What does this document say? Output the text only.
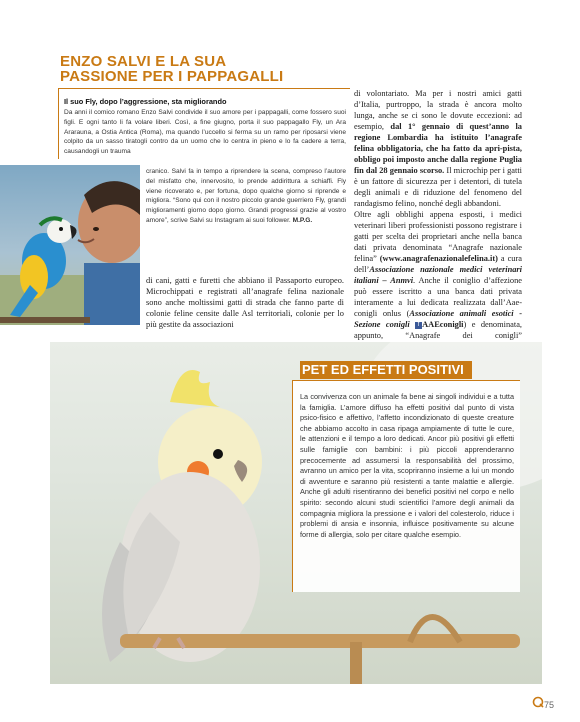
ENZO SALVI E LA SUA PASSIONE PER I PAPPAGALLI
Il suo Fly, dopo l’aggressione, sta migliorando
Da anni il comico romano Enzo Salvi condivide il suo amore per i pappagalli, come fossero suoi figli. E ogni tanto li fa volare liberi. Così, a fine giugno, porta il suo pappagallo Fly, un Ara Ararauna, a Ostia Antica (Roma), ma quando l’uccello si ferma su un ramo per riposarsi viene colpito da un sasso tiratogli contro da un uomo che lo centra in pieno e lo fa cadere a terra, causandogli un trauma
cranico. Salvi fa in tempo a riprendere la scena, compreso l’autore del misfatto che, innervosito, lo prende addirittura a schiaffi. Fly viene ricoverato e, per fortuna, dopo qualche giorno si riprende e migliora. “Sono qui con il nostro piccolo grande guerriero Fly, grandi miglioramenti giorno dopo giorno. Grandi progressi grazie al vostro amore”, scrive Salvi su Instagram ai suoi follower. M.P.G.
di cani, gatti e furetti che abbiano il Passaporto europeo. Microchippati e registrati all’anagrafe felina nazionale sono anche moltissimi gatti di strada che fanno parte di colonie feline censite dalle Asl territoriali, colonie per lo più gestite da associazioni
di volontariato. Ma per i nostri amici gatti d’Italia, purtroppo, la strada è ancora molto lunga, anche se ci sono le dovute eccezioni: ad esempio, dal 1° gennaio di quest’anno la regione Lombardia ha istituito l’anagrafe felina obbligatoria, che ha fatto da apri-pista, obbligo poi imposto anche dalla regione Puglia fin dal 28 gennaio scorso. Il microchip per i gatti è un fattore di sicurezza per i detentori, di tutela degli animali e di riduzione del fenomeno del randagismo felino, nonché degli abbandoni.
Oltre agli obblighi appena esposti, i medici veterinari liberi professionisti possono registrare i gatti per scelta dei proprietari anche nella banca dati privata denominata “Anagrafe nazionale felina” (www.anagrafenazionalefelina.it) a cura dell’Associazione nazionale medici veterinari italiani – Anmvi. Anche il coniglio d’affezione può essere iscritto a una banca dati privata interamente a lui dedicata realizzata dall’Aae-conigli onlus (Associazione animali esotici - Sezione conigli f AAEconigli) e denominata, appunto, “Anagrafe dei conigli”
PET ED EFFETTI POSITIVI
La convivenza con un animale fa bene ai singoli individui e a tutta la famiglia. L’amore diffuso ha effetti positivi dal punto di vista psico-fisico e affettivo, l’affetto incondizionato di queste creature che abbiamo accolto in casa ripaga ampiamente di tutte le cure, le attenzioni e il tempo a loro dedicati. Ancor più positivi gli effetti sulle famiglie con bambini: i più piccoli apprenderanno precocemente ad assumersi la responsabilità del prossimo, avranno un amico per la vita, scopriranno insieme a lui un mondo di avventure e saranno più resistenti a tante malattie e allergie. Anche gli adulti risentiranno dei benefici positivi nel corpo e nello spirito: secondo alcuni studi scientifici l’amore degli animali da compagnia migliora la pressione e i valori del colesterolo, riduce i problemi di ansia e insonnia, influisce positivamente su alcune forme di allergia, solo per citare qualche esempio.
75
